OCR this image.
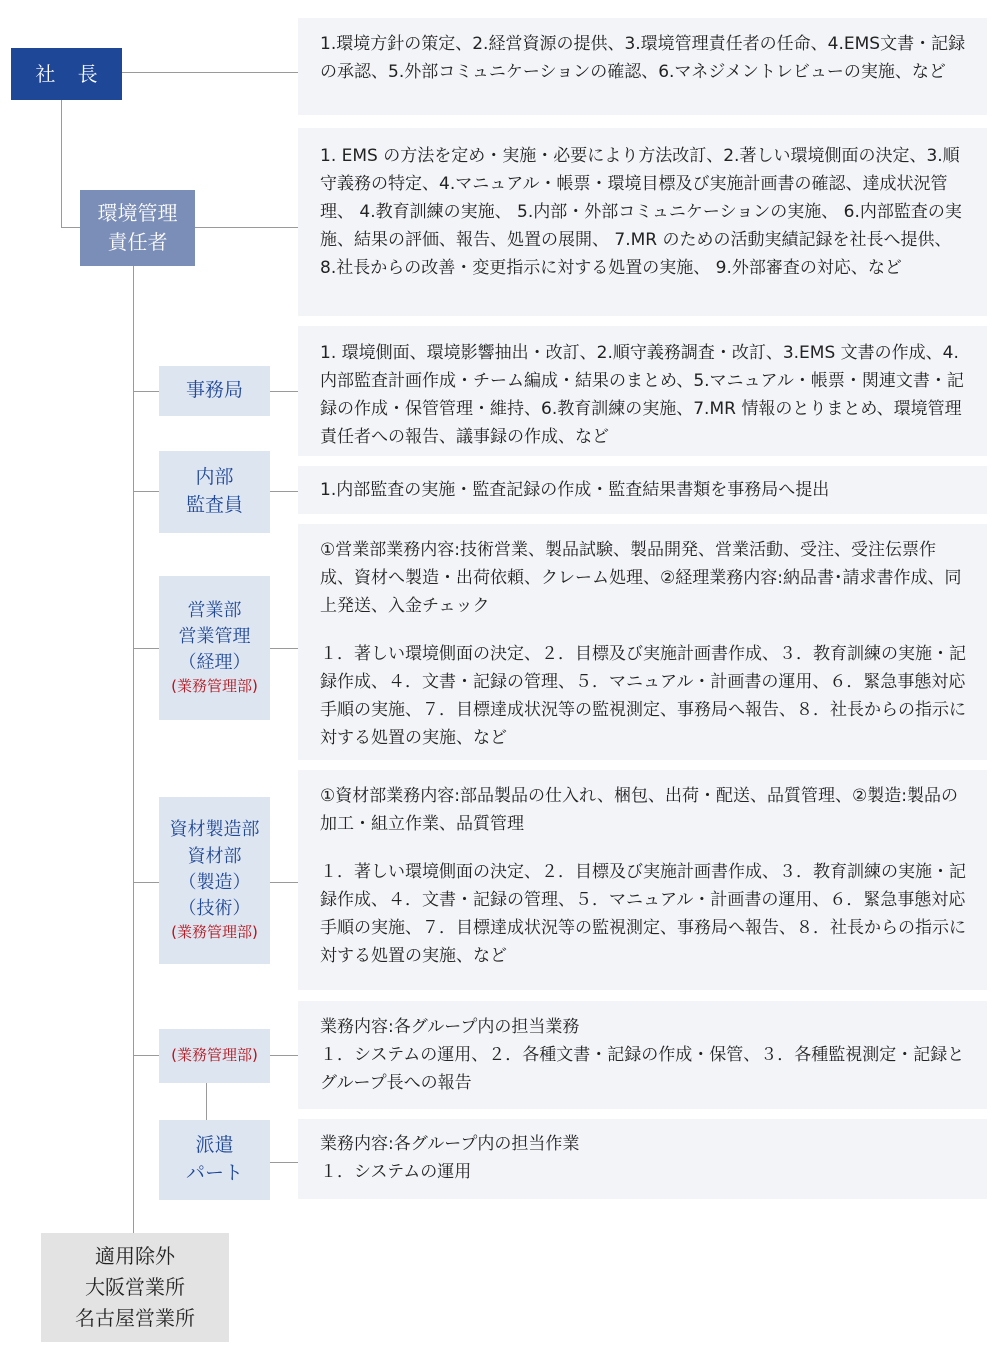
社 長
環境管理
責任者
事務局
内部
監査員
営業部
営業管理
（経理）
(業務管理部)
資材製造部
資材部
（製造）
（技術）
(業務管理部)
(業務管理部)
派遣
パート
適用除外
大阪営業所
名古屋営業所

1.環境方針の策定、2.経営資源の提供、3.環境管理責任者の任命、4.EMS文書・記録の承認、5.外部コミュニケーションの確認、6.マネジメントレビューの実施、など

1. EMS の方法を定め・実施・必要により方法改訂、2.著しい環境側面の決定、3.順守義務の特定、4.マニュアル・帳票・環境目標及び実施計画書の確認、達成状況管理、 4.教育訓練の実施、 5.内部・外部コミュニケーションの実施、 6.内部監査の実施、結果の評価、報告、処置の展開、 7.MR のための活動実績記録を社長へ提供、 8.社長からの改善・変更指示に対する処置の実施、 9.外部審査の対応、など

1. 環境側面、環境影響抽出・改訂、2.順守義務調査・改訂、3.EMS 文書の作成、4.内部監査計画作成・チーム編成・結果のまとめ、5.マニュアル・帳票・関連文書・記録の作成・保管管理・維持、6.教育訓練の実施、7.MR 情報のとりまとめ、環境管理責任者への報告、議事録の作成、など

1.内部監査の実施・監査記録の作成・監査結果書類を事務局へ提出

①営業部業務内容:技術営業、製品試験、製品開発、営業活動、受注、受注伝票作成、資材へ製造・出荷依頼、クレーム処理、②経理業務内容:納品書･請求書作成、同上発送、入金チェック

１．著しい環境側面の決定、２．目標及び実施計画書作成、３．教育訓練の実施・記録作成、４．文書・記録の管理、５．マニュアル・計画書の運用、６．緊急事態対応手順の実施、７．目標達成状況等の監視測定、事務局へ報告、８．社長からの指示に対する処置の実施、など

①資材部業務内容:部品製品の仕入れ、梱包、出荷・配送、品質管理、②製造:製品の加工・組立作業、品質管理

１．著しい環境側面の決定、２．目標及び実施計画書作成、３．教育訓練の実施・記録作成、４．文書・記録の管理、５．マニュアル・計画書の運用、６．緊急事態対応手順の実施、７．目標達成状況等の監視測定、事務局へ報告、８．社長からの指示に対する処置の実施、など

業務内容:各グループ内の担当業務

１．システムの運用、２．各種文書・記録の作成・保管、３．各種監視測定・記録とグループ長への報告

業務内容:各グループ内の担当作業

１．システムの運用
